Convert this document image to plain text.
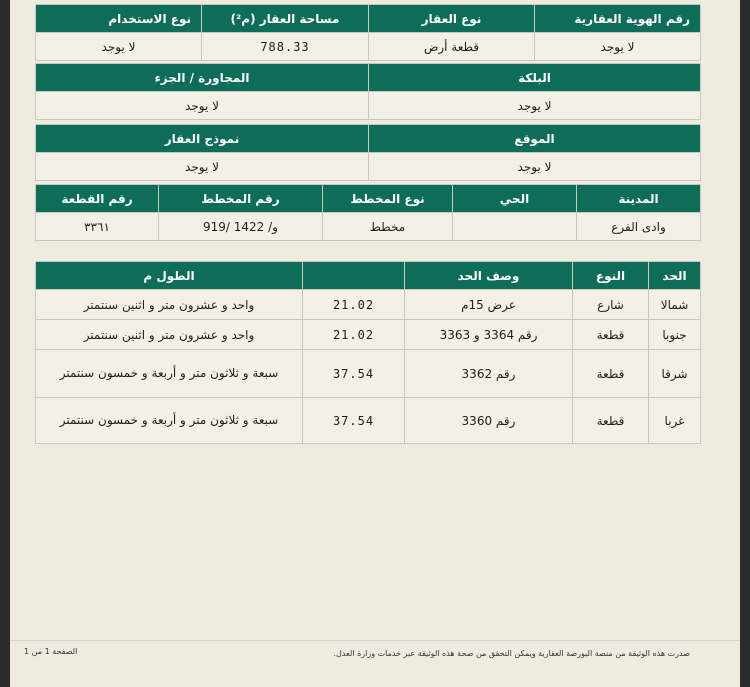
رقم الهوية العقارية	نوع العقار	مساحة العقار (م²)	نوع الاستخدام
لا يوجد	قطعة أرض	788.33	لا يوجد
البلكة	المجاورة / الجزء
لا يوجد	لا يوجد
الموقع	نموذج العقار
لا يوجد	لا يوجد
المدينة	الحي	نوع المخطط	رقم المخطط	رقم القطعة
وادى الفرع		مخطط	و/ 1422 /919	٣٣٦١
الحد	النوع	وصف الحد		الطول م
شمالا	شارع	عرض 15م	21.02	واحد و عشرون متر و اثنين سنتمتر
جنوبا	قطعة	رقم 3364 و 3363	21.02	واحد و عشرون متر و اثنين سنتمتر
شرقا	قطعة	رقم 3362	37.54	سبعة و ثلاثون متر و أربعة و خمسون سنتمتر
غربا	قطعة	رقم 3360	37.54	سبعة و ثلاثون متر و أربعة و خمسون سنتمتر
صدرت هذه الوثيقة من منصة البورصة العقارية ويمكن التحقق من صحة هذه الوثيقة عبر خدمات وزارة العدل.
الصفحة 1 من 1
